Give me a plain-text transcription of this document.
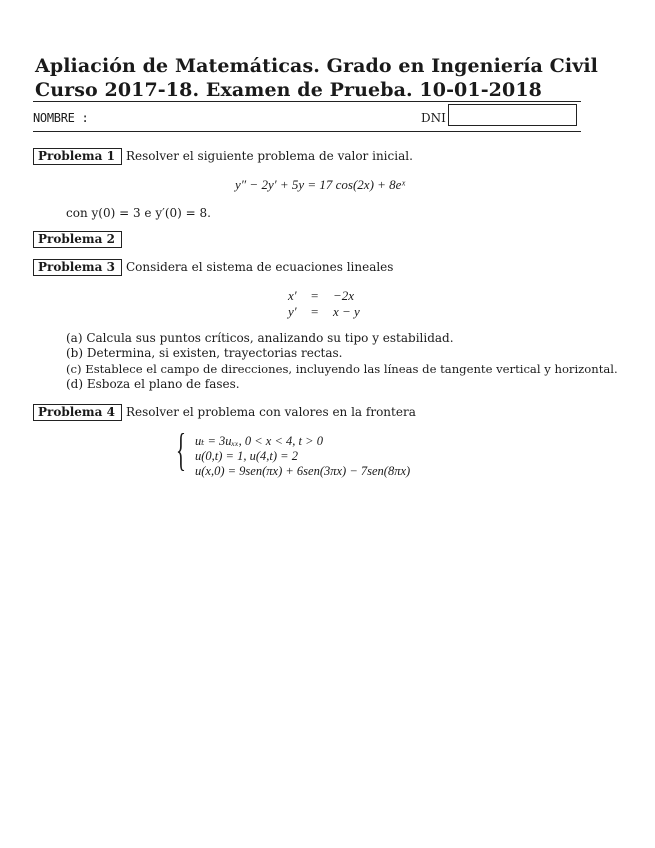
Apliación de Matemáticas. Grado en Ingeniería Civil
Curso 2017-18. Examen de Prueba. 10-01-2018
NOMBRE :	DNI
Problema 1 Resolver el siguiente problema de valor inicial.
y″ − 2y′ + 5y = 17 cos(2x) + 8eˣ
con y(0) = 3 e y′(0) = 8.
Problema 2
Problema 3 Considera el sistema de ecuaciones lineales
x′ = −2x
y′ = x − y
(a) Calcula sus puntos críticos, analizando su tipo y estabilidad.
(b) Determina, si existen, trayectorias rectas.
(c) Establece el campo de direcciones, incluyendo las líneas de tangente vertical y horizontal.
(d) Esboza el plano de fases.
Problema 4 Resolver el problema con valores en la frontera
{ uₜ = 3uₓₓ, 0 < x < 4, t > 0
u(0,t) = 1, u(4,t) = 2
u(x,0) = 9sen(πx) + 6sen(3πx) − 7sen(8πx)
